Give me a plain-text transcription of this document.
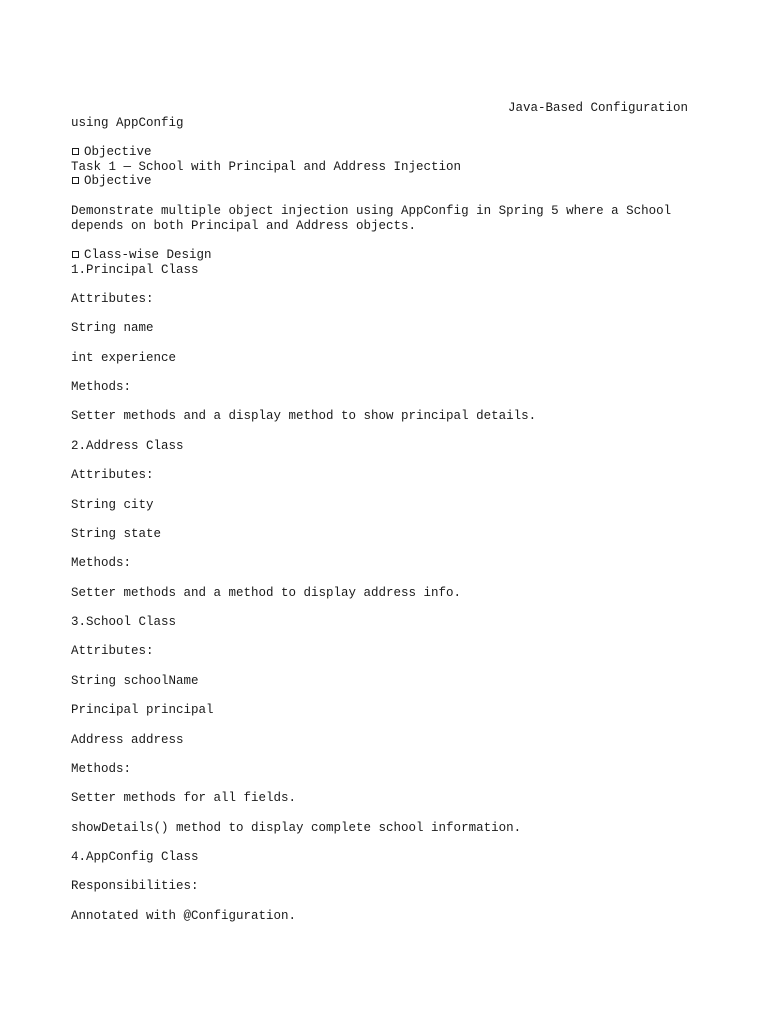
Java-Based Configuration
using AppConfig
Objective
Task 1 — School with Principal and Address Injection
Objective
Demonstrate multiple object injection using AppConfig in Spring 5 where a School
depends on both Principal and Address objects.
Class-wise Design
1.Principal Class
Attributes:
String name
int experience
Methods:
Setter methods and a display method to show principal details.
2.Address Class
Attributes:
String city
String state
Methods:
Setter methods and a method to display address info.
3.School Class
Attributes:
String schoolName
Principal principal
Address address
Methods:
Setter methods for all fields.
showDetails() method to display complete school information.
4.AppConfig Class
Responsibilities:
Annotated with @Configuration.
